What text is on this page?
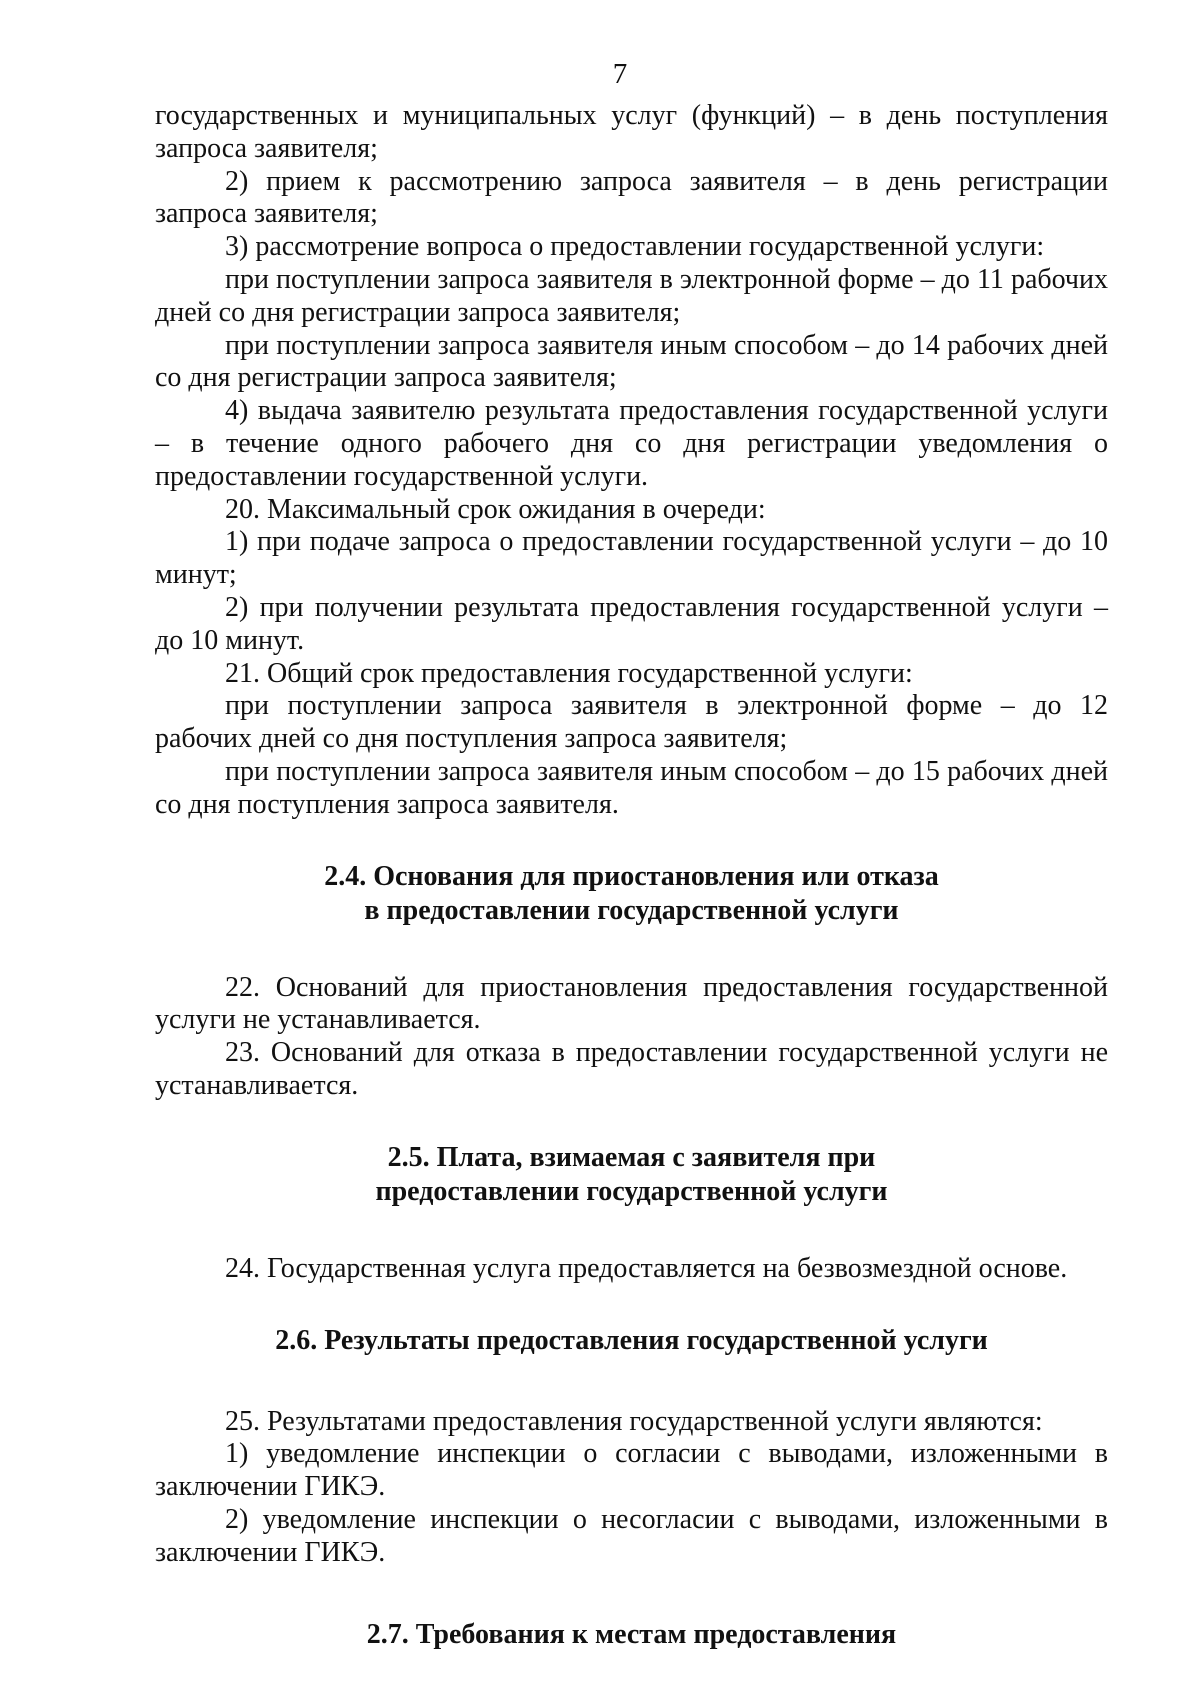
7

государственных и муниципальных услуг (функций) – в день поступления запроса заявителя;

2) прием к рассмотрению запроса заявителя – в день регистрации запроса заявителя;

3) рассмотрение вопроса о предоставлении государственной услуги:

при поступлении запроса заявителя в электронной форме – до 11 рабочих дней со дня регистрации запроса заявителя;

при поступлении запроса заявителя иным способом – до 14 рабочих дней со дня регистрации запроса заявителя;

4) выдача заявителю результата предоставления государственной услуги – в течение одного рабочего дня со дня регистрации уведомления о предоставлении государственной услуги.

20. Максимальный срок ожидания в очереди:

1) при подаче запроса о предоставлении государственной услуги – до 10 минут;

2) при получении результата предоставления государственной услуги – до 10 минут.

21. Общий срок предоставления государственной услуги:

при поступлении запроса заявителя в электронной форме – до 12 рабочих дней со дня поступления запроса заявителя;

при поступлении запроса заявителя иным способом – до 15 рабочих дней со дня поступления запроса заявителя.

2.4. Основания для приостановления или отказа
в предоставлении государственной услуги

22. Оснований для приостановления предоставления государственной услуги не устанавливается.

23. Оснований для отказа в предоставлении государственной услуги не устанавливается.

2.5. Плата, взимаемая с заявителя при
предоставлении государственной услуги

24. Государственная услуга предоставляется на безвозмездной основе.

2.6. Результаты предоставления государственной услуги

25. Результатами предоставления государственной услуги являются:

1) уведомление инспекции о согласии с выводами, изложенными в заключении ГИКЭ.

2) уведомление инспекции о несогласии с выводами, изложенными в заключении ГИКЭ.

2.7. Требования к местам предоставления
